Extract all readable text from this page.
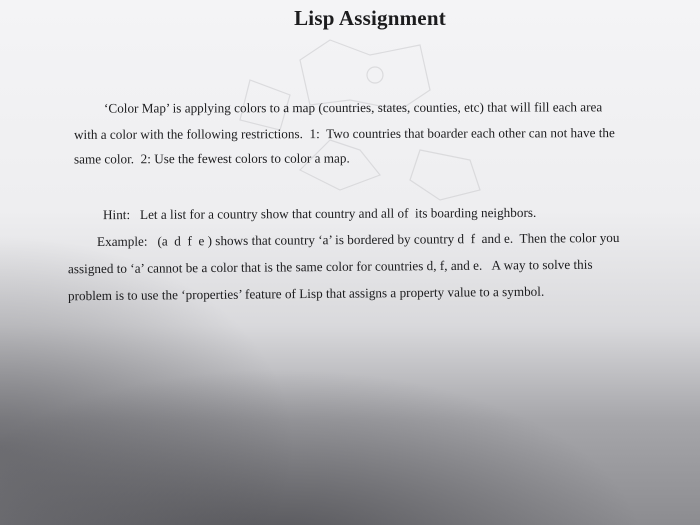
Lisp Assignment
‘Color Map’ is applying colors to a map (countries, states, counties, etc) that will fill each area
with a color with the following restrictions.  1:  Two countries that boarder each other can not have the
same color.  2: Use the fewest colors to color a map.
Hint:   Let a list for a country show that country and all of  its boarding neighbors.
Example:   (a  d  f  e ) shows that country ‘a’ is bordered by country d  f  and e.  Then the color you
assigned to ‘a’ cannot be a color that is the same color for countries d, f, and e.   A way to solve this
problem is to use the ‘properties’ feature of Lisp that assigns a property value to a symbol.
